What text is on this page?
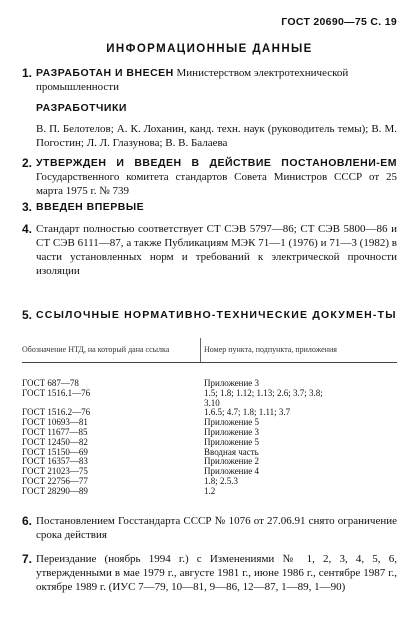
ГОСТ 20690—75 С. 19
ИНФОРМАЦИОННЫЕ ДАННЫЕ
1. РАЗРАБОТАН И ВНЕСЕН Министерством электротехнической промышленности
РАЗРАБОТЧИКИ
В. П. Белотелов; А. К. Лоханин, канд. техн. наук (руководитель темы); В. М. Погостин; Л. Л. Глазунова; В. В. Балаева
2. УТВЕРЖДЕН И ВВЕДЕН В ДЕЙСТВИЕ ПОСТАНОВЛЕНИ-ЕМ Государственного комитета стандартов Совета Министров СССР от 25 марта 1975 г. № 739
3. ВВЕДЕН ВПЕРВЫЕ
4. Стандарт полностью соответствует СТ СЭВ 5797—86; СТ СЭВ 5800—86 и СТ СЭВ 6111—87, а также Публикациям МЭК 71—1 (1976) и 71—3 (1982) в части установленных норм и требований к электрической прочности изоляции
5. ССЫЛОЧНЫЕ НОРМАТИВНО-ТЕХНИЧЕСКИЕ ДОКУМЕН-ТЫ
Обозначение НТД, на который дана ссылка	Номер пункта, подпункта, приложения
ГОСТ 687—78	Приложение 3
ГОСТ 1516.1—76	1.5; 1.8; 1.12; 1.13; 2.6; 3.7; 3.8;
3.10
ГОСТ 1516.2—76	1.6.5; 4.7; 1.8; 1.11; 3.7
ГОСТ 10693—81	Приложение 5
ГОСТ 11677—85	Приложение 3
ГОСТ 12450—82	Приложение 5
ГОСТ 15150—69	Вводная часть
ГОСТ 16357—83	Приложение 2
ГОСТ 21023—75	Приложение 4
ГОСТ 22756—77	1.8; 2.5.3
ГОСТ 28290—89	1.2
6. Постановлением Госстандарта СССР № 1076 от 27.06.91 снято ограничение срока действия
7. Переиздание (ноябрь 1994 г.) с Изменениями № 1, 2, 3, 4, 5, 6, утвержденными в мае 1979 г., августе 1981 г., июне 1986 г., сентябре 1987 г., октябре 1989 г. (ИУС 7—79, 10—81, 9—86, 12—87, 1—89, 1—90)
